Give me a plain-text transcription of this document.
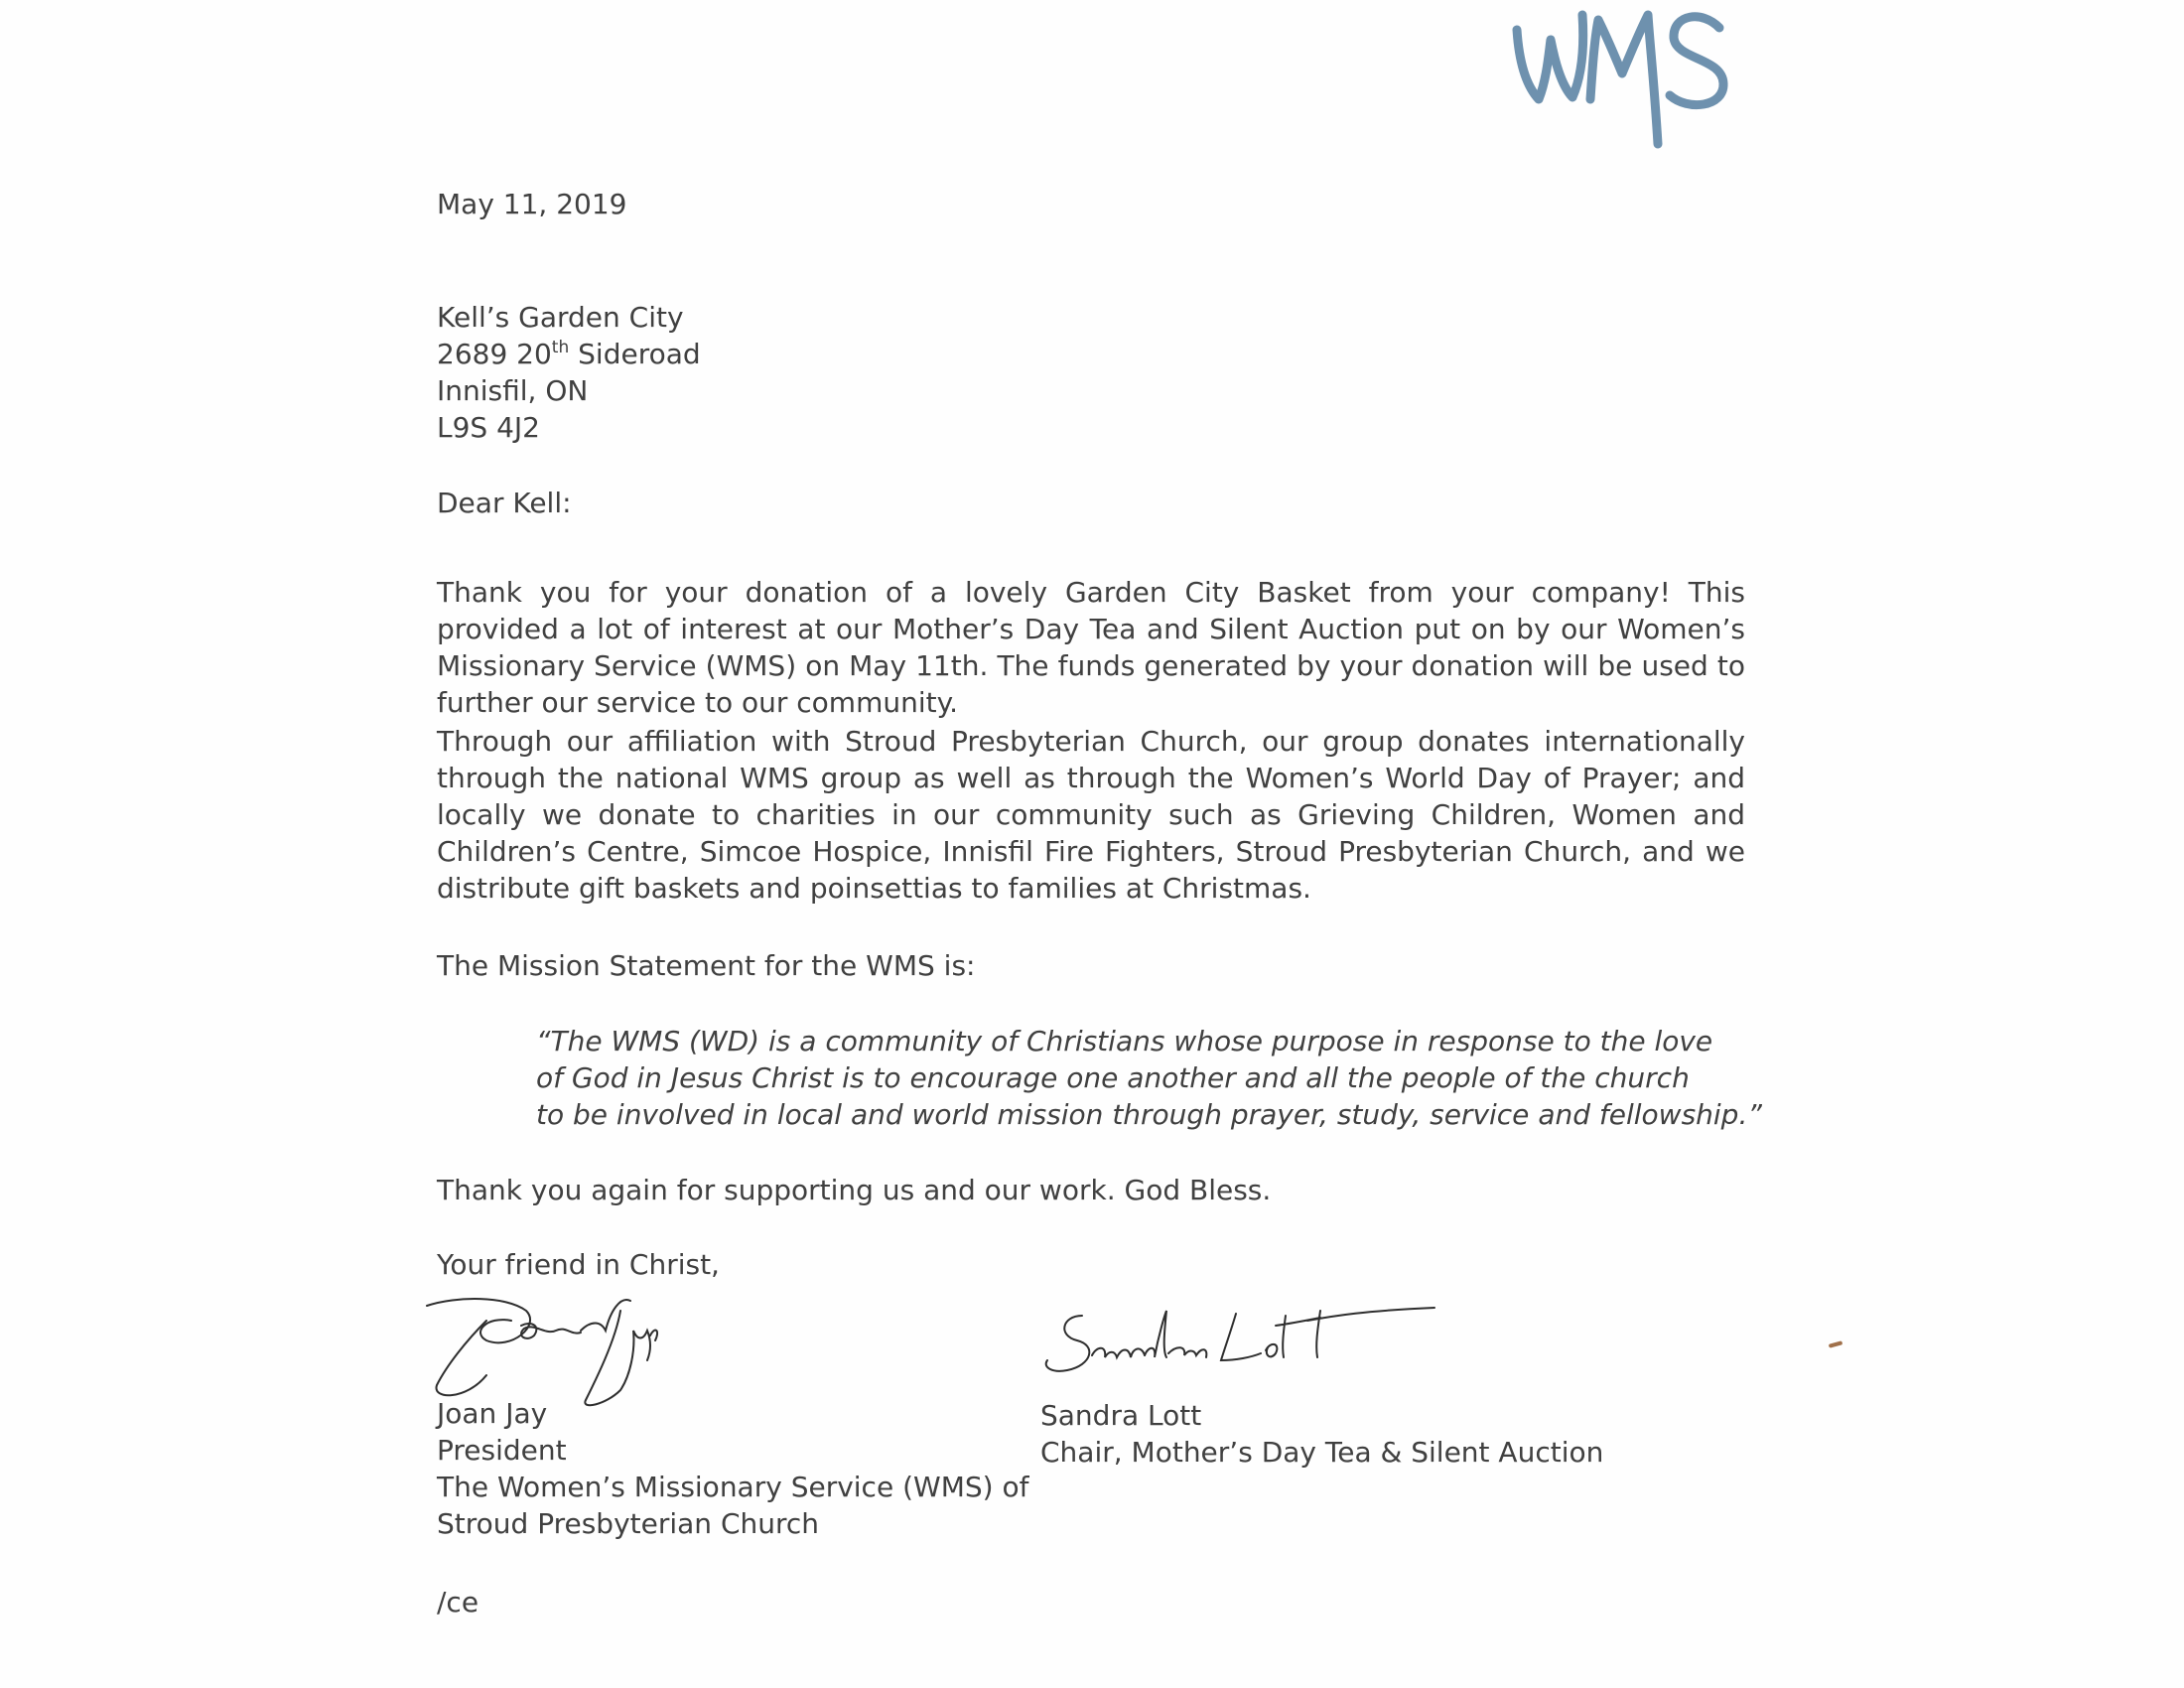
May 11, 2019
Kell’s Garden City
2689 20th Sideroad
Innisfil, ON
L9S 4J2
Dear Kell:
Thank you for your donation of a lovely Garden City Basket from your company! This provided a lot of interest at our Mother’s Day Tea and Silent Auction put on by our Women’s Missionary Service (WMS) on May 11th. The funds generated by your donation will be used to further our service to our community.
Through our affiliation with Stroud Presbyterian Church, our group donates internationally through the national WMS group as well as through the Women’s World Day of Prayer; and locally we donate to charities in our community such as Grieving Children, Women and Children’s Centre, Simcoe Hospice, Innisfil Fire Fighters, Stroud Presbyterian Church, and we distribute gift baskets and poinsettias to families at Christmas.
The Mission Statement for the WMS is:
“The WMS (WD) is a community of Christians whose purpose in response to the love
of God in Jesus Christ is to encourage one another and all the people of the church
to be involved in local and world mission through prayer, study, service and fellowship.”
Thank you again for supporting us and our work. God Bless.
Your friend in Christ,
Joan Jay
President
The Women’s Missionary Service (WMS) of
Stroud Presbyterian Church
Sandra Lott
Chair, Mother’s Day Tea & Silent Auction
/ce
